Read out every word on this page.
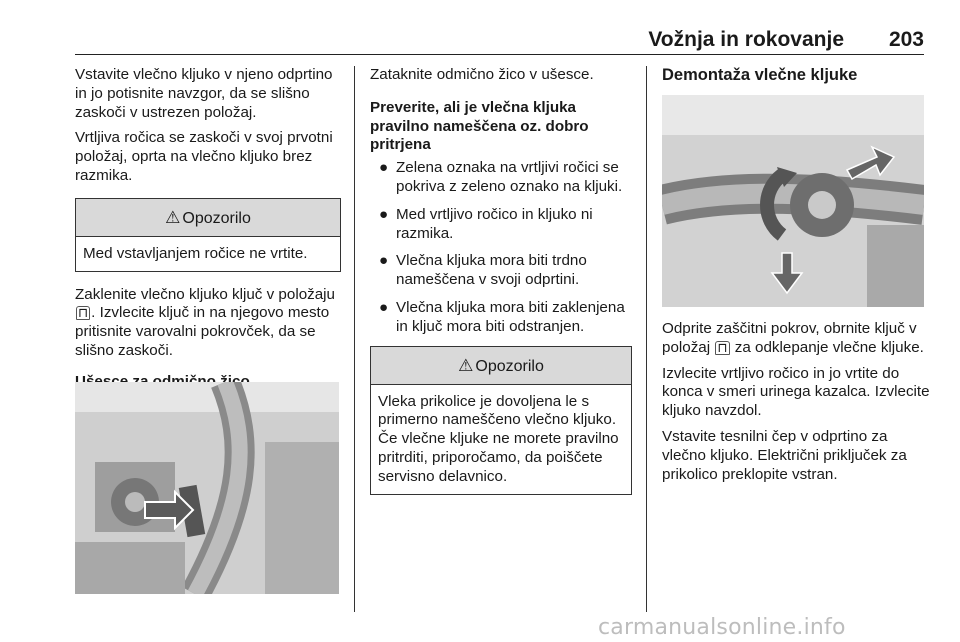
Vožnja in rokovanje 203

Vstavite vlečno kljuko v njeno odprtino in jo potisnite navzgor, da se slišno zaskoči v ustrezen položaj.

Vrtljiva ročica se zaskoči v svoj prvotni položaj, oprta na vlečno kljuko brez razmika.

⚠ Opozorilo
Med vstavljanjem ročice ne vrtite.

Zaklenite vlečno kljuko ključ v položaju ⊓ . Izvlecite ključ in na njegovo mesto pritisnite varovalni pokrovček, da se slišno zaskoči.

Zataknite odmično žico v ušesce.

Preverite, ali je vlečna kljuka pravilno nameščena oz. dobro pritrjena

● Zelena oznaka na vrtljivi ročici se pokriva z zeleno oznako na kljuki.
● Med vrtljivo ročico in kljuko ni razmika.
● Vlečna kljuka mora biti trdno nameščena v svoji odprtini.
● Vlečna kljuka mora biti zaklenjena in ključ mora biti odstranjen.
⚠ Opozorilo
Vleka prikolice je dovoljena le s primerno nameščeno vlečno kljuko. Če vlečne kljuke ne morete pravilno pritrditi, priporočamo, da poiščete servisno delavnico.

Demontaža vlečne kljuke

Odprite zaščitni pokrov, obrnite ključ v položaj ⊓ za odklepanje vlečne kljuke.

Izvlecite vrtljivo ročico in jo vrtite do konca v smeri urinega kazalca. Izvlecite kljuko navzdol.

Vstavite tesnilni čep v odprtino za vlečno kljuko. Električni priključek za prikolico preklopite vstran.

carmanualsonline.info
